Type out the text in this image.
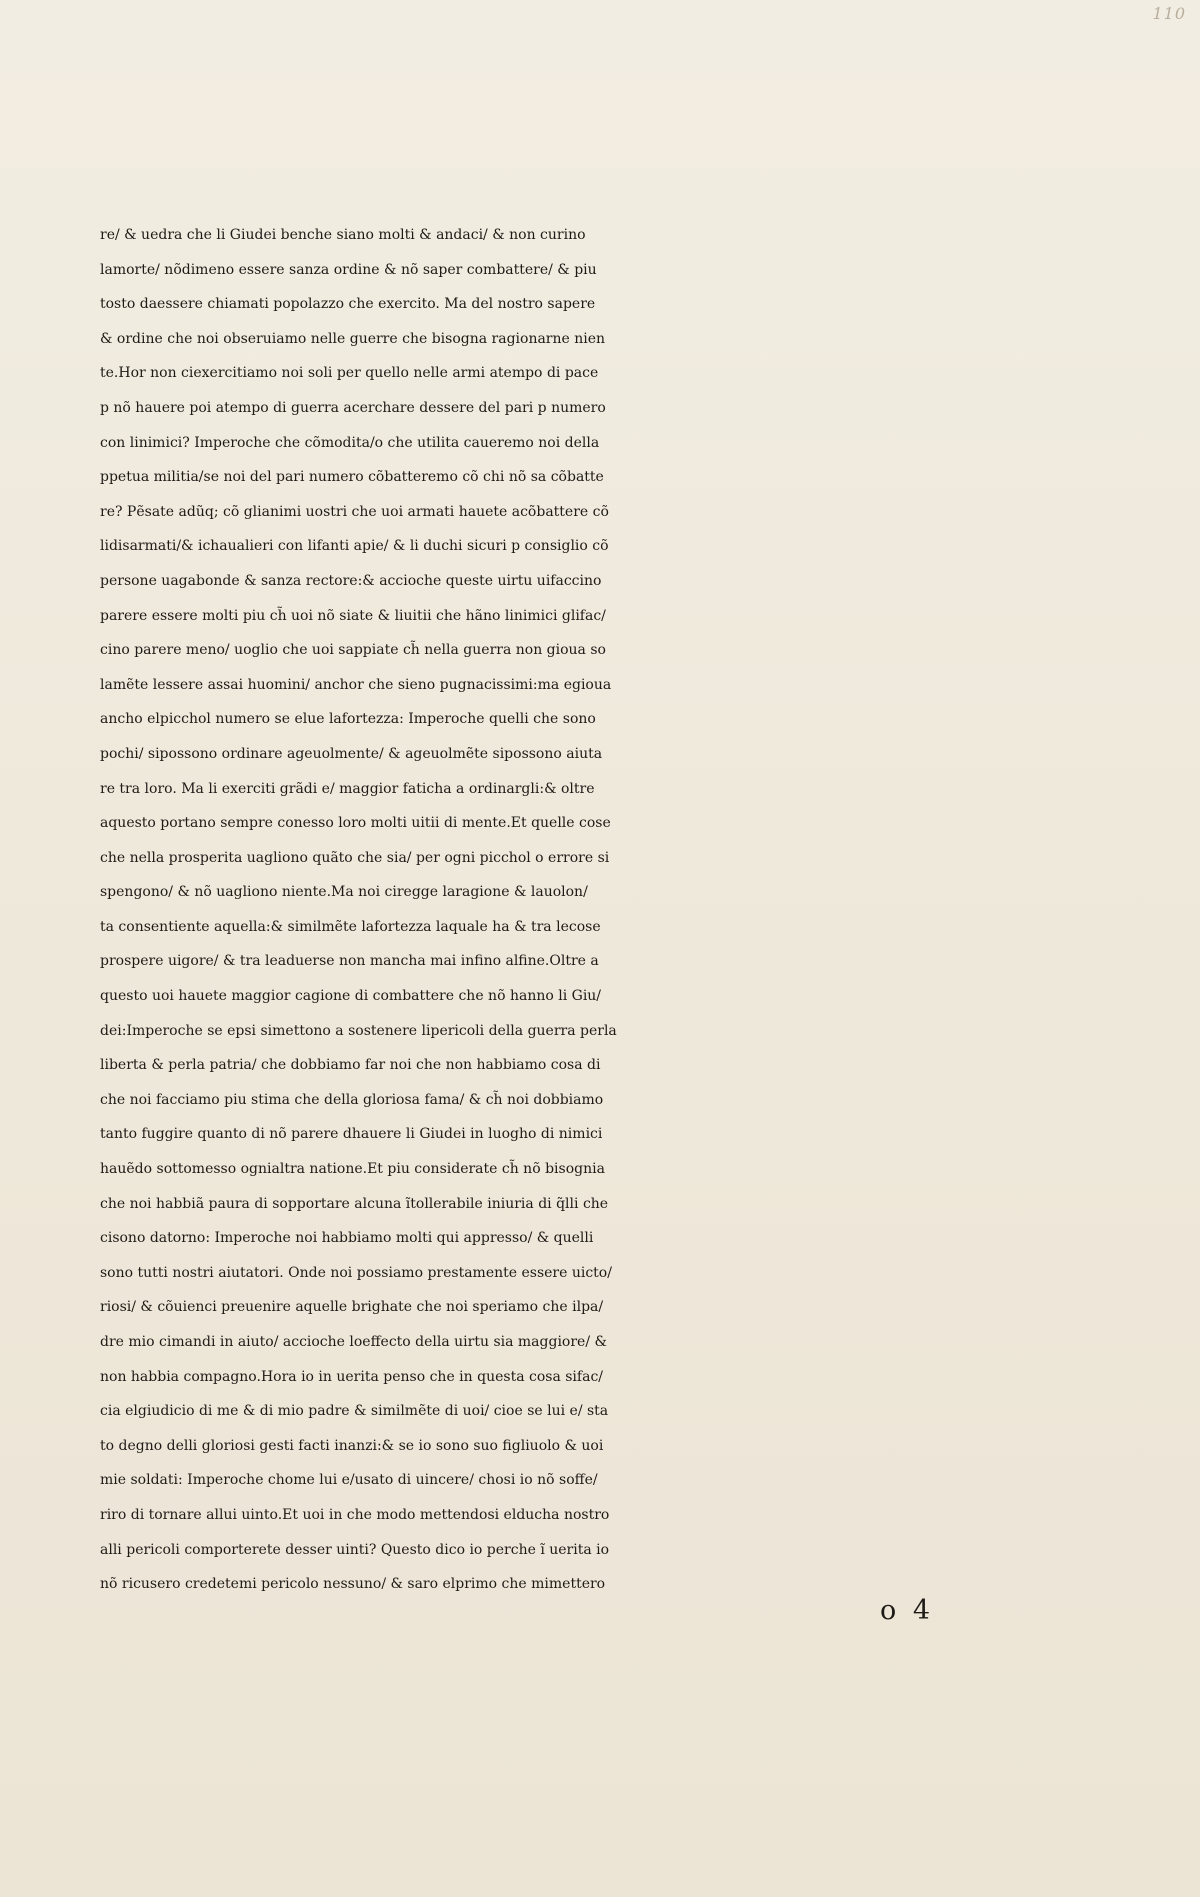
110
re/ & uedra che li Giudei benche siano molti & andaci/ & non curino
lamorte/ nõdimeno essere sanza ordine & nõ saper combattere/ & piu
tosto daessere chiamati popolazzo che exercito. Ma del nostro sapere
& ordine che noi obseruiamo nelle guerre che bisogna ragionarne nien
te.Hor non ciexercitiamo noi soli per quello nelle armi atempo di pace
p nõ hauere poi atempo di guerra acerchare dessere del pari p numero
con linimici? Imperoche che cõmodita/o che utilita caueremo noi della
ppetua militia/se noi del pari numero cõbatteremo cõ chi nõ sa cõbatte
re? Pẽsate adũq; cõ glianimi uostri che uoi armati hauete acõbattere cõ
lidisarmati/& ichaualieri con lifanti apie/ & li duchi sicuri p consiglio cõ
persone uagabonde & sanza rectore:& accioche queste uirtu uifaccino
parere essere molti piu ch̃ uoi nõ siate & liuitii che hãno linimici glifac/
cino parere meno/ uoglio che uoi sappiate ch̃ nella guerra non gioua so
lamẽte lessere assai huomini/ anchor che sieno pugnacissimi:ma egioua
ancho elpicchol numero se elue lafortezza: Imperoche quelli che sono
pochi/ sipossono ordinare ageuolmente/ & ageuolmẽte sipossono aiuta
re tra loro. Ma li exerciti grãdi e/ maggior faticha a ordinargli:& oltre
aquesto portano sempre conesso loro molti uitii di mente.Et quelle cose
che nella prosperita uagliono quãto che sia/ per ogni picchol o errore si
spengono/ & nõ uagliono niente.Ma noi ciregge laragione & lauolon/
ta consentiente aquella:& similmẽte lafortezza laquale ha & tra lecose
prospere uigore/ & tra leaduerse non mancha mai infino alfine.Oltre a
questo uoi hauete maggior cagione di combattere che nõ hanno li Giu/
dei:Imperoche se epsi simettono a sostenere lipericoli della guerra perla
liberta & perla patria/ che dobbiamo far noi che non habbiamo cosa di
che noi facciamo piu stima che della gloriosa fama/ & ch̃ noi dobbiamo
tanto fuggire quanto di nõ parere dhauere li Giudei in luogho di nimici
hauẽdo sottomesso ognialtra natione.Et piu considerate ch̃ nõ bisognia
che noi habbiã paura di sopportare alcuna ĩtollerabile iniuria di q̃lli che
cisono datorno: Imperoche noi habbiamo molti qui appresso/ & quelli
sono tutti nostri aiutatori. Onde noi possiamo prestamente essere uicto/
riosi/ & cõuienci preuenire aquelle brighate che noi speriamo che ilpa/
dre mio cimandi in aiuto/ accioche loeffecto della uirtu sia maggiore/ &
non habbia compagno.Hora io in uerita penso che in questa cosa sifac/
cia elgiudicio di me & di mio padre & similmẽte di uoi/ cioe se lui e/ sta
to degno delli gloriosi gesti facti inanzi:& se io sono suo figliuolo & uoi
mie soldati: Imperoche chome lui e/usato di uincere/ chosi io nõ soffe/
riro di tornare allui uinto.Et uoi in che modo mettendosi elducha nostro
alli pericoli comporterete desser uinti? Questo dico io perche ĩ uerita io
nõ ricusero credetemi pericolo nessuno/ & saro elprimo che mimettero
o 4
